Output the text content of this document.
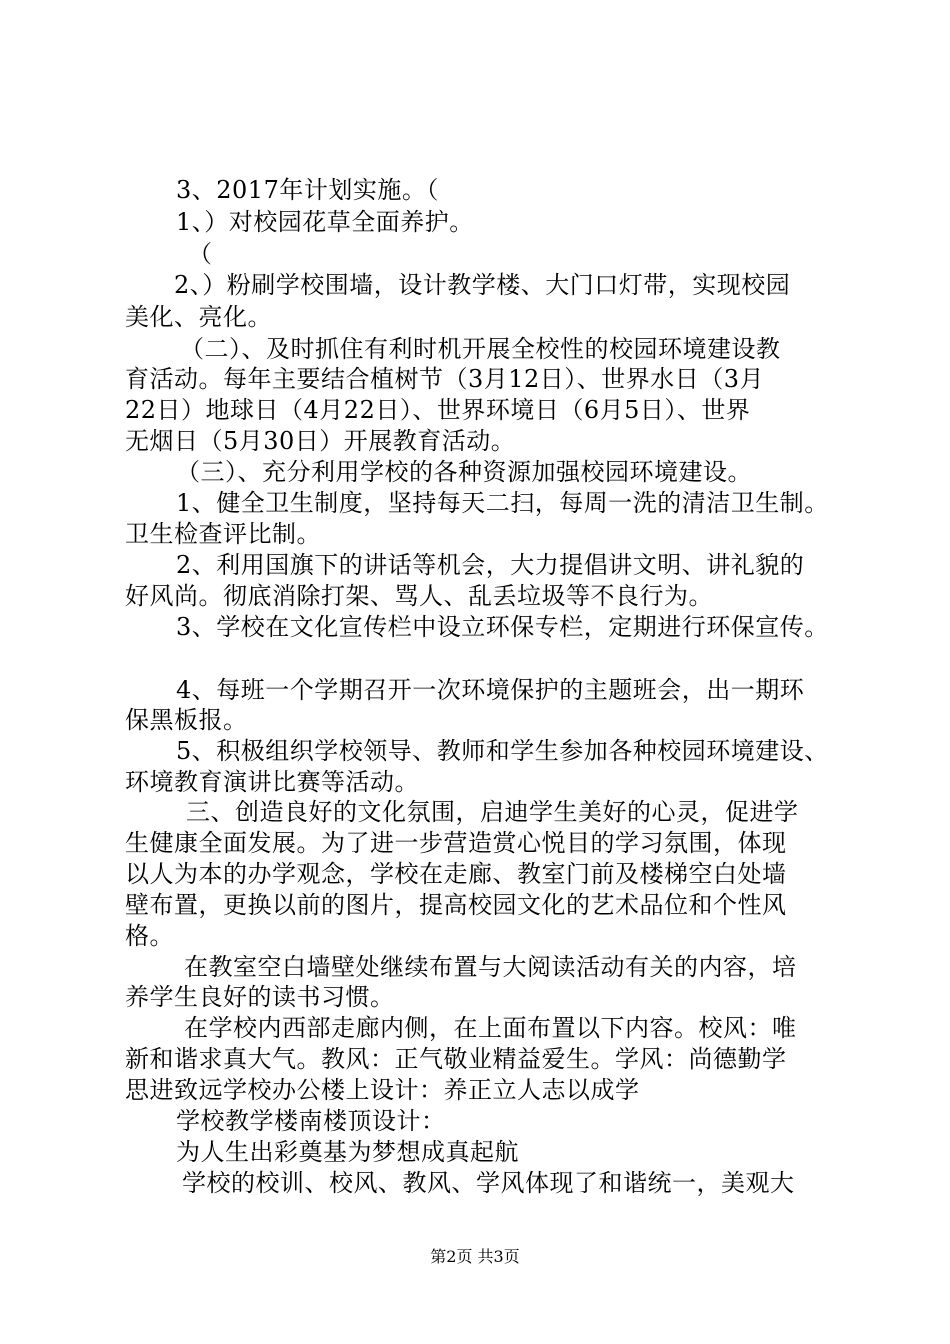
3、2017年计划实施。（
1、）对校园花草全面养护。
（
2、）粉刷学校围墙，设计教学楼、大门口灯带，实现校园
美化、亮化。
（二）、及时抓住有利时机开展全校性的校园环境建设教
育活动。每年主要结合植树节（3月12日）、世界水日（3月
22日）地球日（4月22日）、世界环境日（6月5日）、世界
无烟日（5月30日）开展教育活动。
（三）、充分利用学校的各种资源加强校园环境建设。
1、健全卫生制度，坚持每天二扫，每周一洗的清洁卫生制。
卫生检查评比制。
2、利用国旗下的讲话等机会，大力提倡讲文明、讲礼貌的
好风尚。彻底消除打架、骂人、乱丢垃圾等不良行为。
3、学校在文化宣传栏中设立环保专栏，定期进行环保宣传。
4、每班一个学期召开一次环境保护的主题班会，出一期环
保黑板报。
5、积极组织学校领导、教师和学生参加各种校园环境建设、
环境教育演讲比赛等活动。
三、创造良好的文化氛围，启迪学生美好的心灵，促进学
生健康全面发展。为了进一步营造赏心悦目的学习氛围，体现
以人为本的办学观念，学校在走廊、教室门前及楼梯空白处墙
壁布置，更换以前的图片，提高校园文化的艺术品位和个性风
格。
在教室空白墙壁处继续布置与大阅读活动有关的内容，培
养学生良好的读书习惯。
在学校内西部走廊内侧，在上面布置以下内容。校风：唯
新和谐求真大气。教风：正气敬业精益爱生。学风：尚德勤学
思进致远学校办公楼上设计：养正立人志以成学
学校教学楼南楼顶设计：
为人生出彩奠基为梦想成真起航
学校的校训、校风、教风、学风体现了和谐统一，美观大
第2页 共3页
